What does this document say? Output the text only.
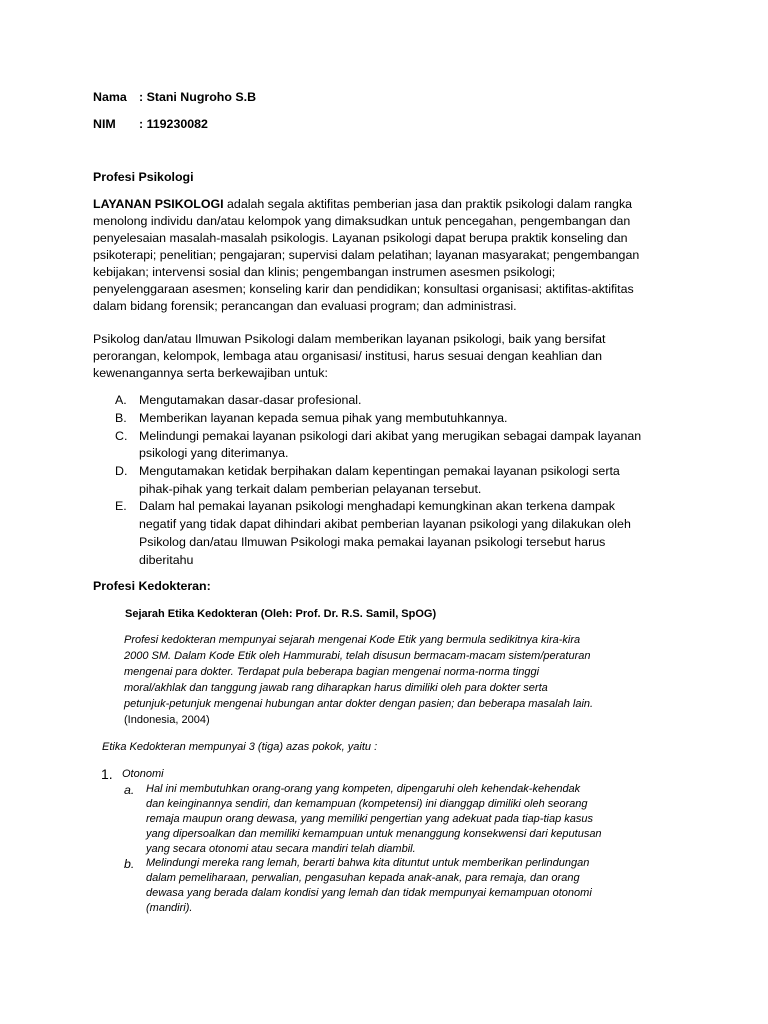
Nama : Stani Nugroho S.B
NIM : 119230082
Profesi Psikologi
LAYANAN PSIKOLOGI adalah segala aktifitas pemberian jasa dan praktik psikologi dalam rangka
menolong individu dan/atau kelompok yang dimaksudkan untuk pencegahan, pengembangan dan
penyelesaian masalah-masalah psikologis. Layanan psikologi dapat berupa praktik konseling dan
psikoterapi; penelitian; pengajaran; supervisi dalam pelatihan; layanan masyarakat; pengembangan
kebijakan; intervensi sosial dan klinis; pengembangan instrumen asesmen psikologi;
penyelenggaraan asesmen; konseling karir dan pendidikan; konsultasi organisasi; aktifitas-aktifitas
dalam bidang forensik; perancangan dan evaluasi program; dan administrasi.
Psikolog dan/atau Ilmuwan Psikologi dalam memberikan layanan psikologi, baik yang bersifat
perorangan, kelompok, lembaga atau organisasi/ institusi, harus sesuai dengan keahlian dan
kewenangannya serta berkewajiban untuk:
A. Mengutamakan dasar-dasar profesional.
B. Memberikan layanan kepada semua pihak yang membutuhkannya.
C. Melindungi pemakai layanan psikologi dari akibat yang merugikan sebagai dampak layanan
psikologi yang diterimanya.
D. Mengutamakan ketidak berpihakan dalam kepentingan pemakai layanan psikologi serta
pihak-pihak yang terkait dalam pemberian pelayanan tersebut.
E. Dalam hal pemakai layanan psikologi menghadapi kemungkinan akan terkena dampak
negatif yang tidak dapat dihindari akibat pemberian layanan psikologi yang dilakukan oleh
Psikolog dan/atau Ilmuwan Psikologi maka pemakai layanan psikologi tersebut harus
diberitahu
Profesi Kedokteran:
Sejarah Etika Kedokteran (Oleh: Prof. Dr. R.S. Samil, SpOG)
Profesi kedokteran mempunyai sejarah mengenai Kode Etik yang bermula sedikitnya kira-kira
2000 SM. Dalam Kode Etik oleh Hammurabi, telah disusun bermacam-macam sistem/peraturan
mengenai para dokter. Terdapat pula beberapa bagian mengenai norma-norma tinggi
moral/akhlak dan tanggung jawab rang diharapkan harus dimiliki oleh para dokter serta
petunjuk-petunjuk mengenai hubungan antar dokter dengan pasien; dan beberapa masalah lain.
(Indonesia, 2004)
Etika Kedokteran mempunyai 3 (tiga) azas pokok, yaitu :
1. Otonomi
a. Hal ini membutuhkan orang-orang yang kompeten, dipengaruhi oleh kehendak-kehendak
dan keinginannya sendiri, dan kemampuan (kompetensi) ini dianggap dimiliki oleh seorang
remaja maupun orang dewasa, yang memiliki pengertian yang adekuat pada tiap-tiap kasus
yang dipersoalkan dan memiliki kemampuan untuk menanggung konsekwensi dari keputusan
yang secara otonomi atau secara mandiri telah diambil.
b. Melindungi mereka rang lemah, berarti bahwa kita dituntut untuk memberikan perlindungan
dalam pemeliharaan, perwalian, pengasuhan kepada anak-anak, para remaja, dan orang
dewasa yang berada dalam kondisi yang lemah dan tidak mempunyai kemampuan otonomi
(mandiri).
